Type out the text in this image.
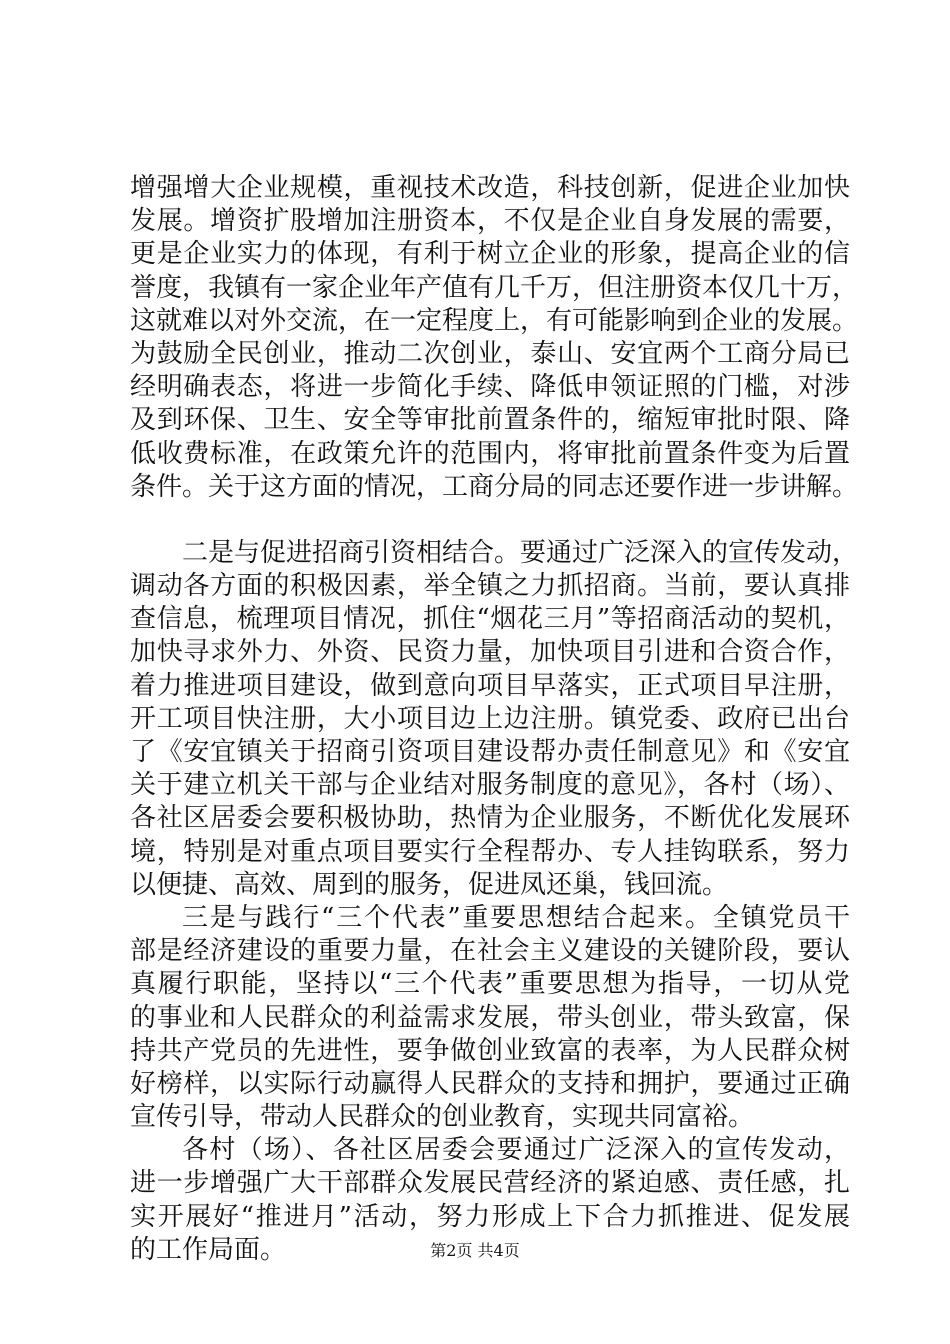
增强增大企业规模，重视技术改造，科技创新，促进企业加快
发展。增资扩股增加注册资本，不仅是企业自身发展的需要，
更是企业实力的体现，有利于树立企业的形象，提高企业的信
誉度，我镇有一家企业年产值有几千万，但注册资本仅几十万，
这就难以对外交流，在一定程度上，有可能影响到企业的发展。
为鼓励全民创业，推动二次创业，泰山、安宜两个工商分局已
经明确表态，将进一步简化手续、降低申领证照的门槛，对涉
及到环保、卫生、安全等审批前置条件的，缩短审批时限、降
低收费标准，在政策允许的范围内，将审批前置条件变为后置
条件。关于这方面的情况，工商分局的同志还要作进一步讲解。
二是与促进招商引资相结合。要通过广泛深入的宣传发动，
调动各方面的积极因素，举全镇之力抓招商。当前，要认真排
查信息，梳理项目情况，抓住“烟花三月”等招商活动的契机，
加快寻求外力、外资、民资力量，加快项目引进和合资合作，
着力推进项目建设，做到意向项目早落实，正式项目早注册，
开工项目快注册，大小项目边上边注册。镇党委、政府已出台
了《安宜镇关于招商引资项目建设帮办责任制意见》和《安宜
关于建立机关干部与企业结对服务制度的意见》，各村（场）、
各社区居委会要积极协助，热情为企业服务，不断优化发展环
境，特别是对重点项目要实行全程帮办、专人挂钩联系，努力
以便捷、高效、周到的服务，促进凤还巢，钱回流。
三是与践行“三个代表”重要思想结合起来。全镇党员干
部是经济建设的重要力量，在社会主义建设的关键阶段，要认
真履行职能，坚持以“三个代表”重要思想为指导，一切从党
的事业和人民群众的利益需求发展，带头创业，带头致富，保
持共产党员的先进性，要争做创业致富的表率，为人民群众树
好榜样，以实际行动赢得人民群众的支持和拥护，要通过正确
宣传引导，带动人民群众的创业教育，实现共同富裕。
各村（场）、各社区居委会要通过广泛深入的宣传发动，
进一步增强广大干部群众发展民营经济的紧迫感、责任感，扎
实开展好“推进月”活动，努力形成上下合力抓推进、促发展
的工作局面。	第2页 共4页
